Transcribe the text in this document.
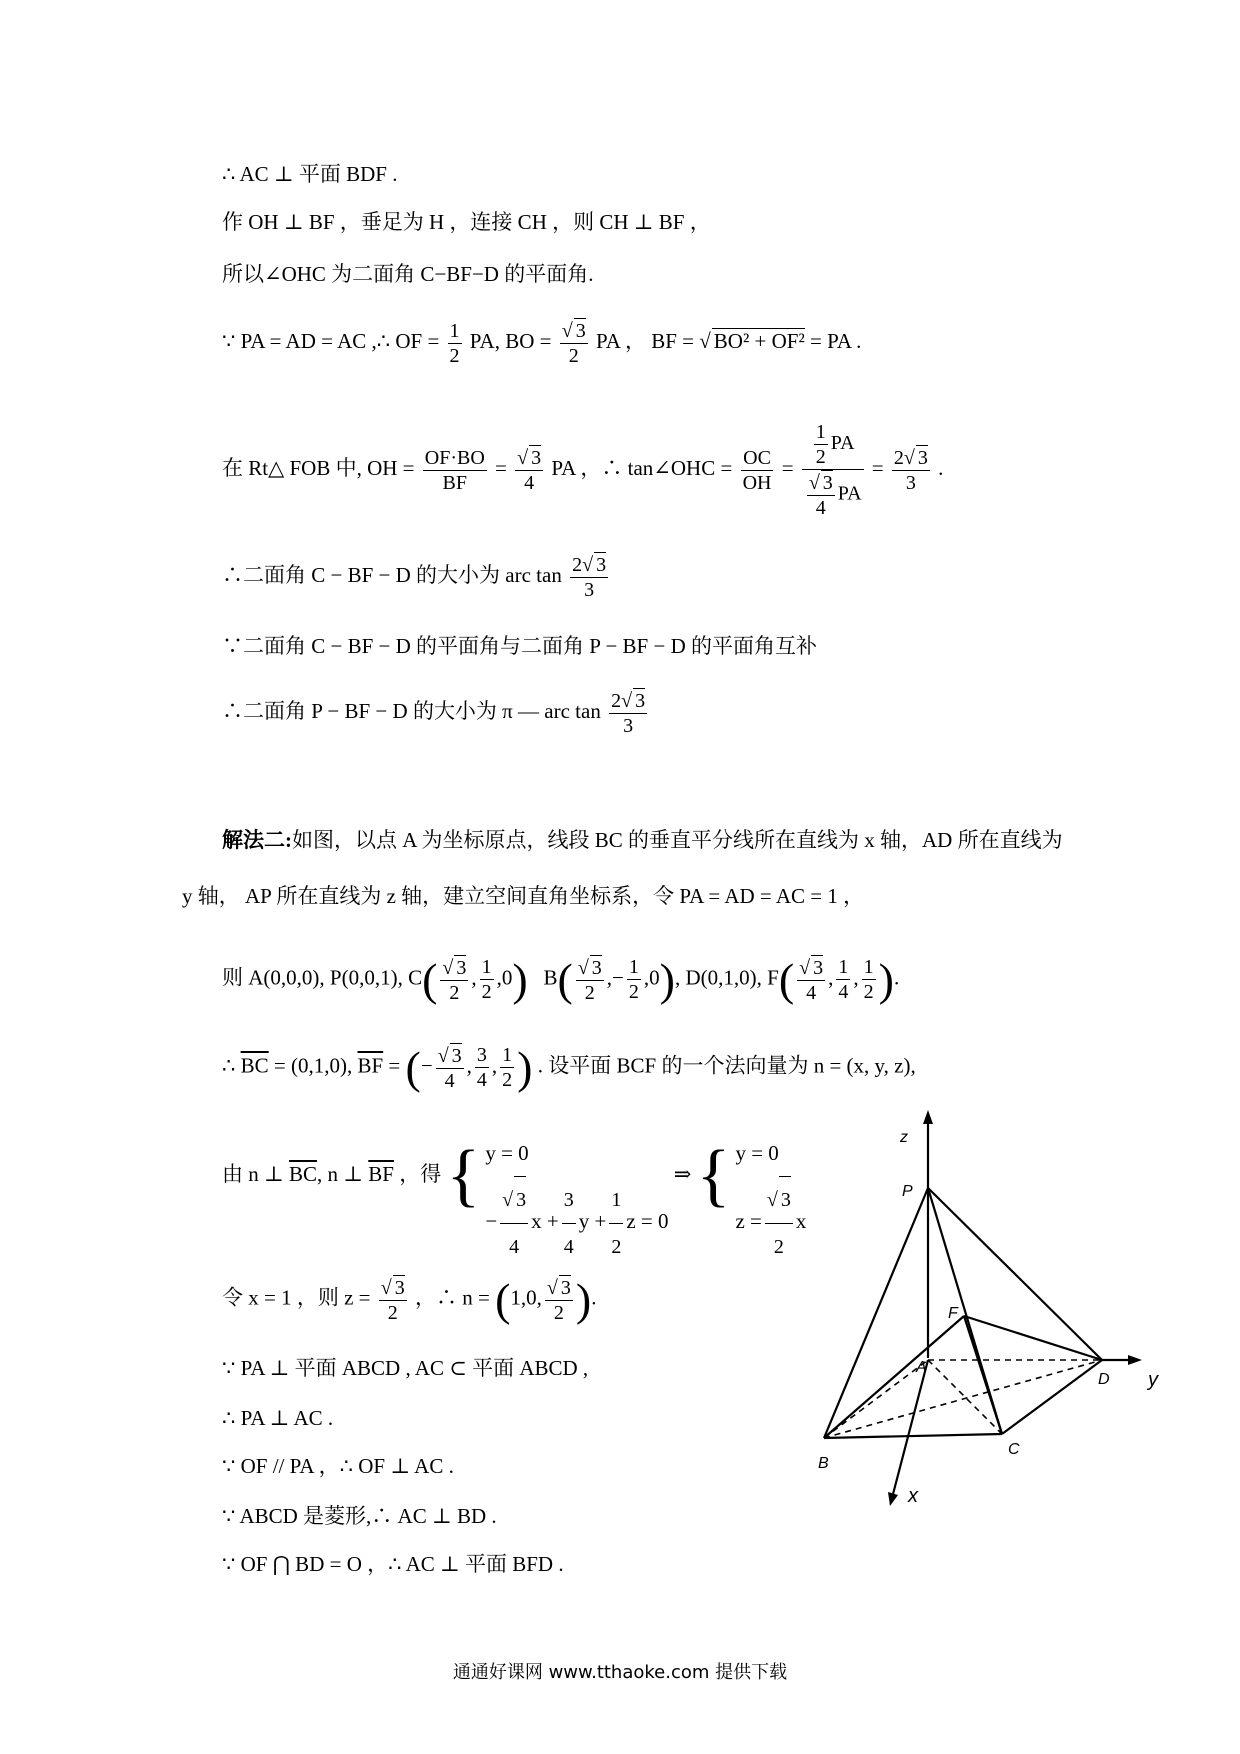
∴ AC ⊥ 平面 BDF .
作 OH ⊥ BF ，垂足为 H ，连接 CH ，则 CH ⊥ BF ，
所以∠OHC 为二面角 C−BF−D 的平面角.
∵ PA = AD = AC ,∴ OF = $\frac{1}{2}$ PA, BO = $\frac{√ 3}{2}$ PA ， BF = √ BO² + OF² = PA .
在 Rt△ FOB 中, OH = $\frac{OF\cdot BO}{BF} = \frac{√ 3}{4}$ PA ，∴ tan∠OHC = $\frac{OC}{OH} = \frac{\frac{1}{2} PA}{\frac{√ 3}{4} PA} = \frac{2√ 3}{3}$ .
∴二面角 C − BF − D 的大小为 arc $\tan \frac{2√ 3}{3}$
∵二面角 C − BF − D 的平面角与二面角 P − BF − D 的平面角互补
∴二面角 P − BF − D 的大小为 π — arc $\tan \frac{2√ 3}{3}$
解法二:如图，以点 A 为坐标原点，线段 BC 的垂直平分线所在直线为 x 轴，AD 所在直线为
y 轴， AP 所在直线为 z 轴，建立空间直角坐标系，令 PA = AD = AC = 1 ，
则 A(0,0,0), P(0,0,1), $C( \frac{√ 3}{2}$ , $\frac{1}{2} ,0$) $B( \frac{√ 3}{2}$ ,− $\frac{1}{2} ,0$), D(0,1,0), $F( \frac{√ 3}{4}$ , $\frac{1}{4}$ , $\frac{1}{2}$ ).
∴ $\overline{BC} = (0,1,0)$, $\overline{BF}$ = (− $\frac{√ 3}{4}$ , $\frac{3}{4}$ , $\frac{1}{2}$ ) . 设平面 BCF 的一个法向量为 n = (x, y, z),
由 n ⊥ $\overline{BC}$, n ⊥ $\overline{BF}$ ，得 { y = 0
− $\frac{√ 3}{4}$ $x + \frac{3}{4}$ $y + \frac{1}{2}$ z = 0
⇒ { y = 0
$z = \frac{√ 3}{2}$ x
令 x = 1 ，则 $z = \frac{√ 3}{2}$ ，∴ n = (1,0, $\frac{√ 3}{2}$ ).
∵ PA ⊥ 平面 ABCD , AC ⊂ 平面 ABCD ,
∴ PA ⊥ AC .
∵ OF // PA ，∴ OF ⊥ AC .
∵ ABCD 是菱形,∴ AC ⊥ BD .
∵ OF ⋂ BD = O ，∴ AC ⊥ 平面 BFD .
z
P
F
A
D y
C
B
x
通通好课网 www.tthaoke.com 提供下载
